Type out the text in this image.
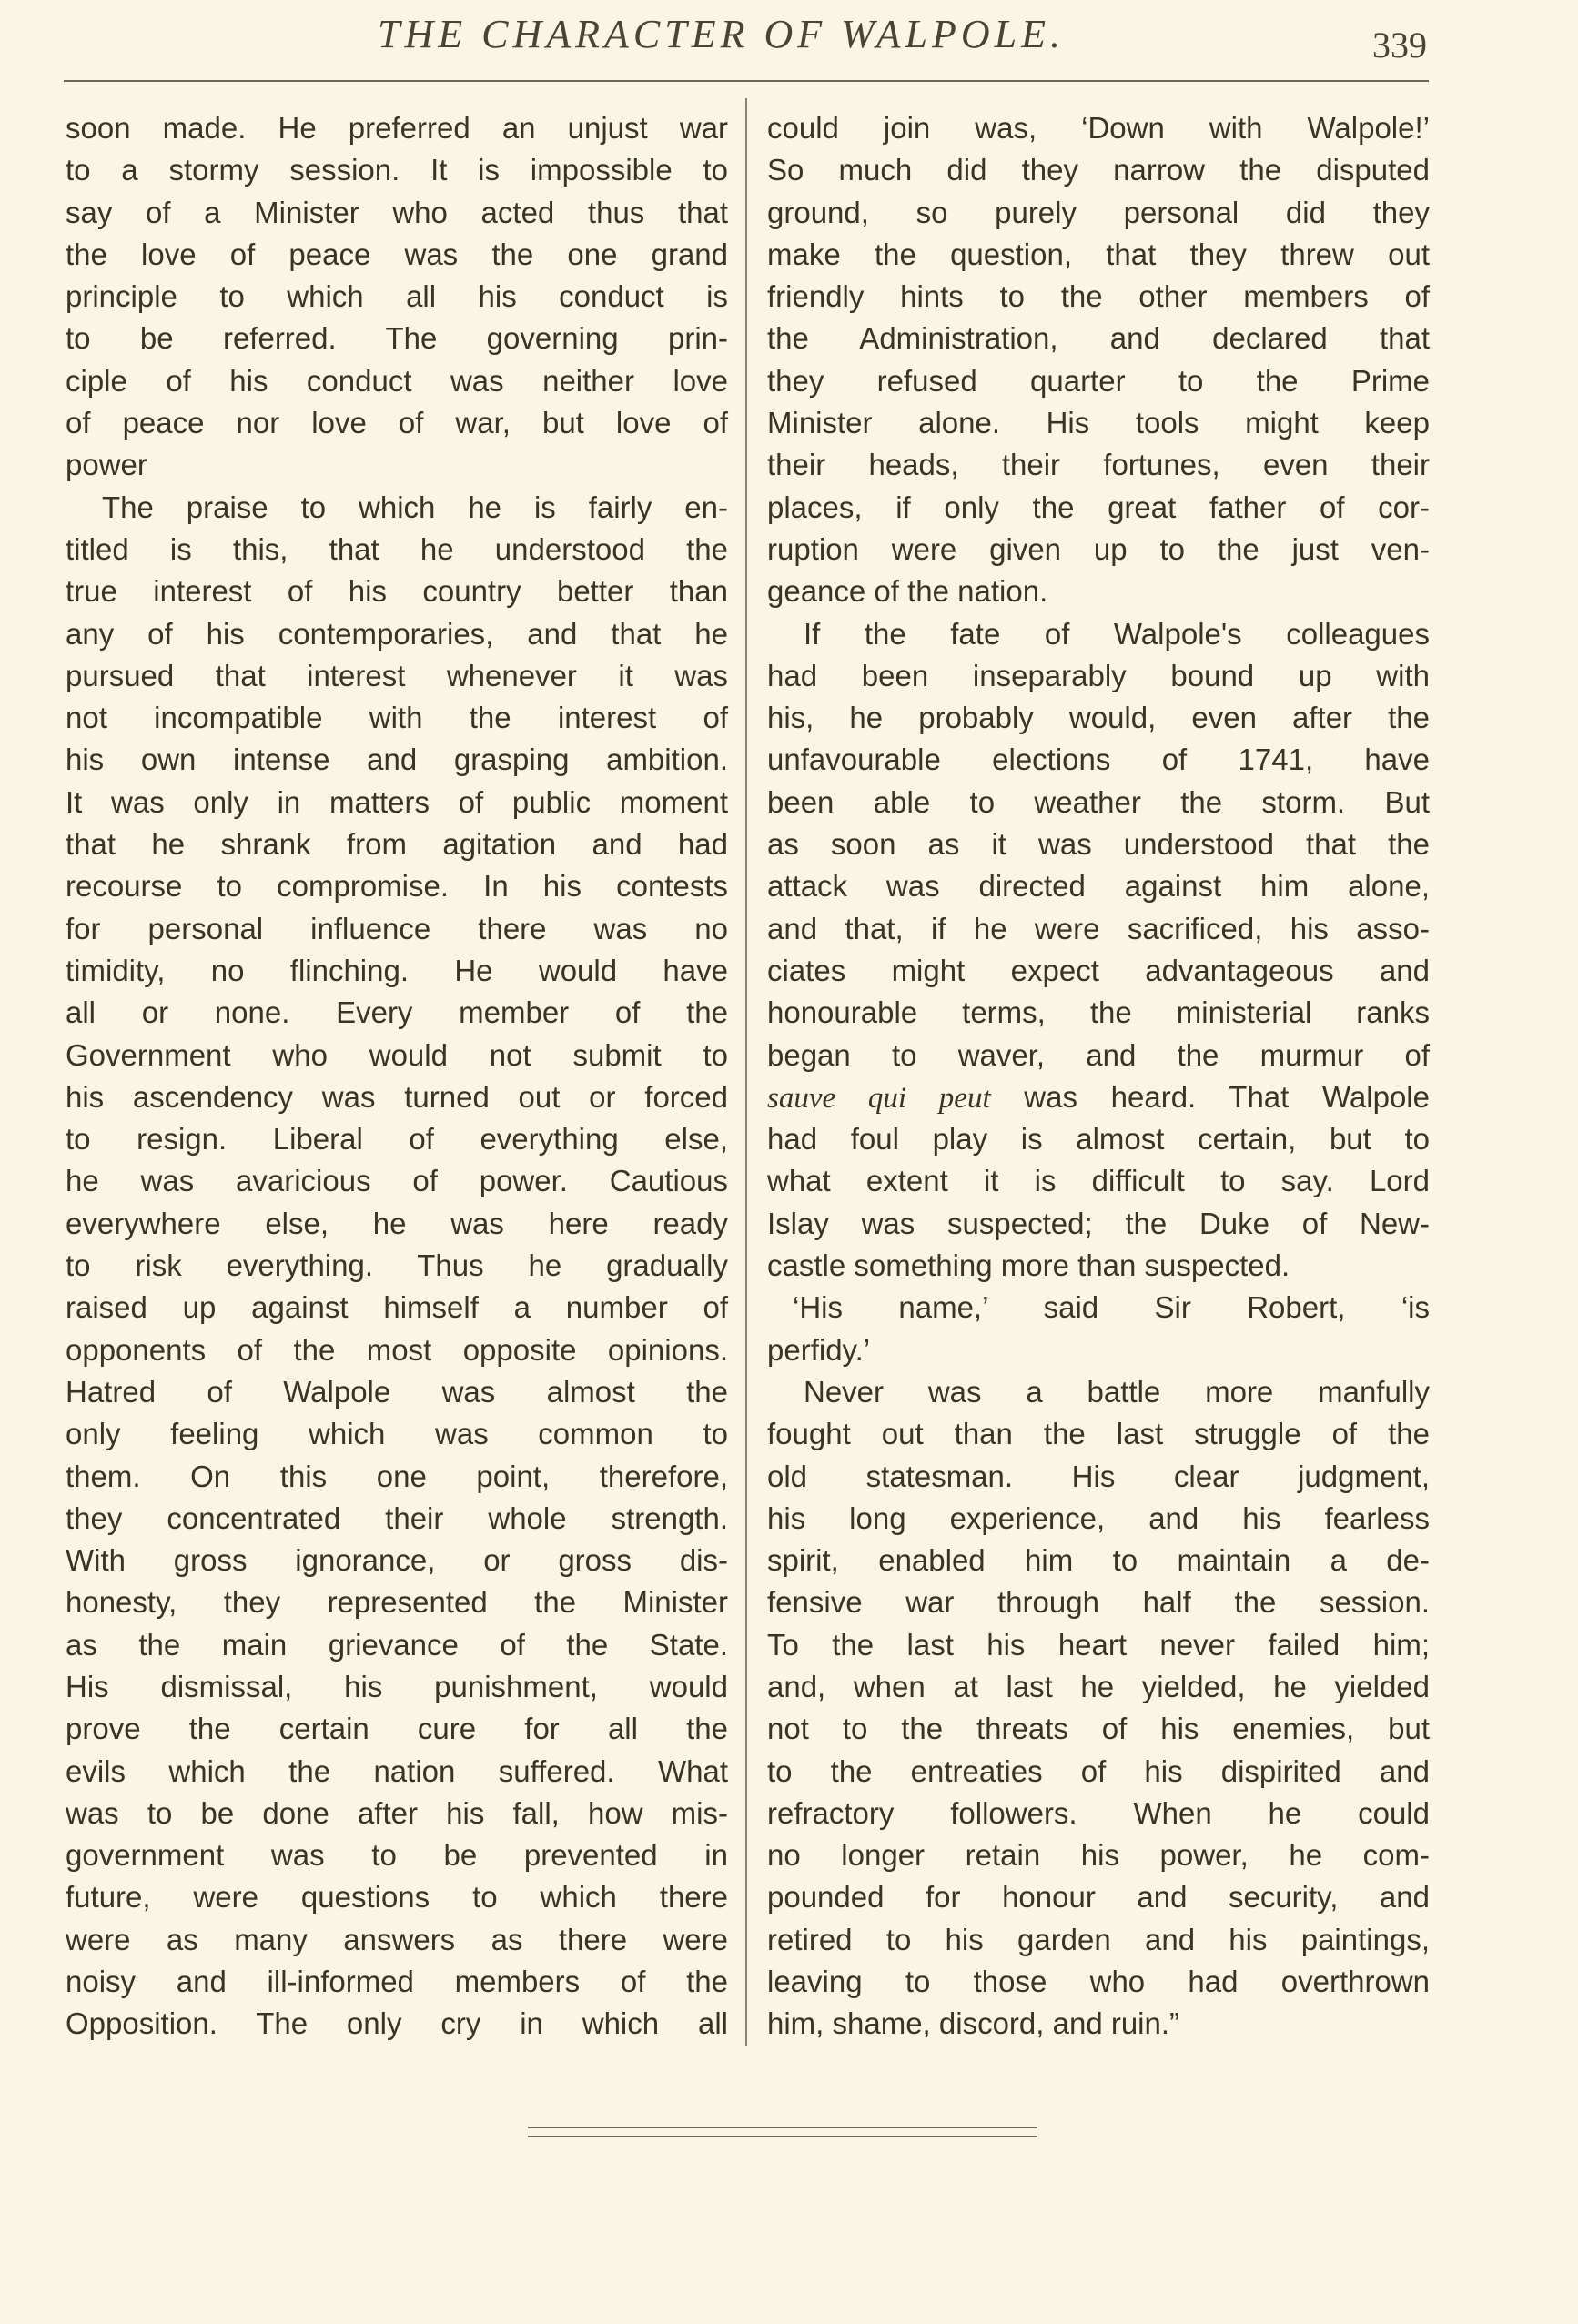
THE CHARACTER OF WALPOLE.	339
soon made. He preferred an unjust war
to a stormy session. It is impossible to
say of a Minister who acted thus that
the love of peace was the one grand
principle to which all his conduct is
to be referred. The governing prin-
ciple of his conduct was neither love
of peace nor love of war, but love of
power
The praise to which he is fairly en-
titled is this, that he understood the
true interest of his country better than
any of his contemporaries, and that he
pursued that interest whenever it was
not incompatible with the interest of
his own intense and grasping ambition.
It was only in matters of public moment
that he shrank from agitation and had
recourse to compromise. In his contests
for personal influence there was no
timidity, no flinching. He would have
all or none. Every member of the
Government who would not submit to
his ascendency was turned out or forced
to resign. Liberal of everything else,
he was avaricious of power. Cautious
everywhere else, he was here ready
to risk everything. Thus he gradually
raised up against himself a number of
opponents of the most opposite opinions.
Hatred of Walpole was almost the
only feeling which was common to
them. On this one point, therefore,
they concentrated their whole strength.
With gross ignorance, or gross dis-
honesty, they represented the Minister
as the main grievance of the State.
His dismissal, his punishment, would
prove the certain cure for all the
evils which the nation suffered. What
was to be done after his fall, how mis-
government was to be prevented in
future, were questions to which there
were as many answers as there were
noisy and ill-informed members of the
Opposition. The only cry in which all
could join was, ‘Down with Walpole!’
So much did they narrow the disputed
ground, so purely personal did they
make the question, that they threw out
friendly hints to the other members of
the Administration, and declared that
they refused quarter to the Prime
Minister alone. His tools might keep
their heads, their fortunes, even their
places, if only the great father of cor-
ruption were given up to the just ven-
geance of the nation.
If the fate of Walpole's colleagues
had been inseparably bound up with
his, he probably would, even after the
unfavourable elections of 1741, have
been able to weather the storm. But
as soon as it was understood that the
attack was directed against him alone,
and that, if he were sacrificed, his asso-
ciates might expect advantageous and
honourable terms, the ministerial ranks
began to waver, and the murmur of
sauve qui peut was heard. That Walpole
had foul play is almost certain, but to
what extent it is difficult to say. Lord
Islay was suspected; the Duke of New-
castle something more than suspected.
‘His name,’ said Sir Robert, ‘is
perfidy.’
Never was a battle more manfully
fought out than the last struggle of the
old statesman. His clear judgment,
his long experience, and his fearless
spirit, enabled him to maintain a de-
fensive war through half the session.
To the last his heart never failed him;
and, when at last he yielded, he yielded
not to the threats of his enemies, but
to the entreaties of his dispirited and
refractory followers. When he could
no longer retain his power, he com-
pounded for honour and security, and
retired to his garden and his paintings,
leaving to those who had overthrown
him, shame, discord, and ruin.”
